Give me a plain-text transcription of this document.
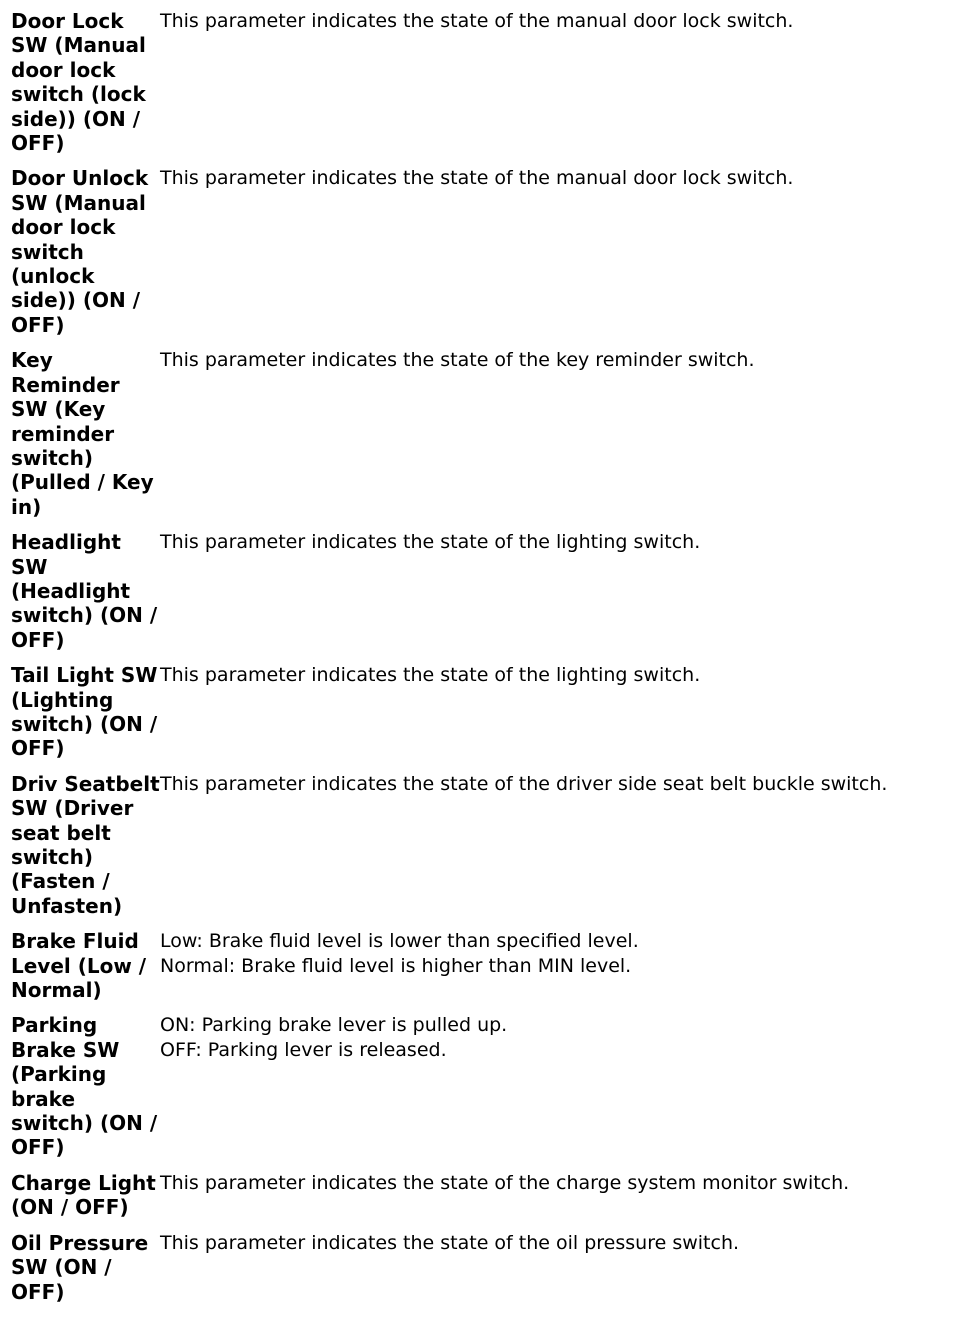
Door Lock SW (Manual door lock switch (lock side)) (ON / OFF)
This parameter indicates the state of the manual door lock switch.
Door Unlock SW (Manual door lock switch (unlock side)) (ON / OFF)
This parameter indicates the state of the manual door lock switch.
Key Reminder SW (Key reminder switch) (Pulled / Key in)
This parameter indicates the state of the key reminder switch.
Headlight SW (Headlight switch) (ON / OFF)
This parameter indicates the state of the lighting switch.
Tail Light SW (Lighting switch) (ON / OFF)
This parameter indicates the state of the lighting switch.
Driv Seatbelt SW (Driver seat belt switch) (Fasten / Unfasten)
This parameter indicates the state of the driver side seat belt buckle switch.
Brake Fluid Level (Low / Normal)
Low: Brake fluid level is lower than specified level.
Normal: Brake fluid level is higher than MIN level.
Parking Brake SW (Parking brake switch) (ON / OFF)
ON: Parking brake lever is pulled up.
OFF: Parking lever is released.
Charge Light (ON / OFF)
This parameter indicates the state of the charge system monitor switch.
Oil Pressure SW (ON / OFF)
This parameter indicates the state of the oil pressure switch.
